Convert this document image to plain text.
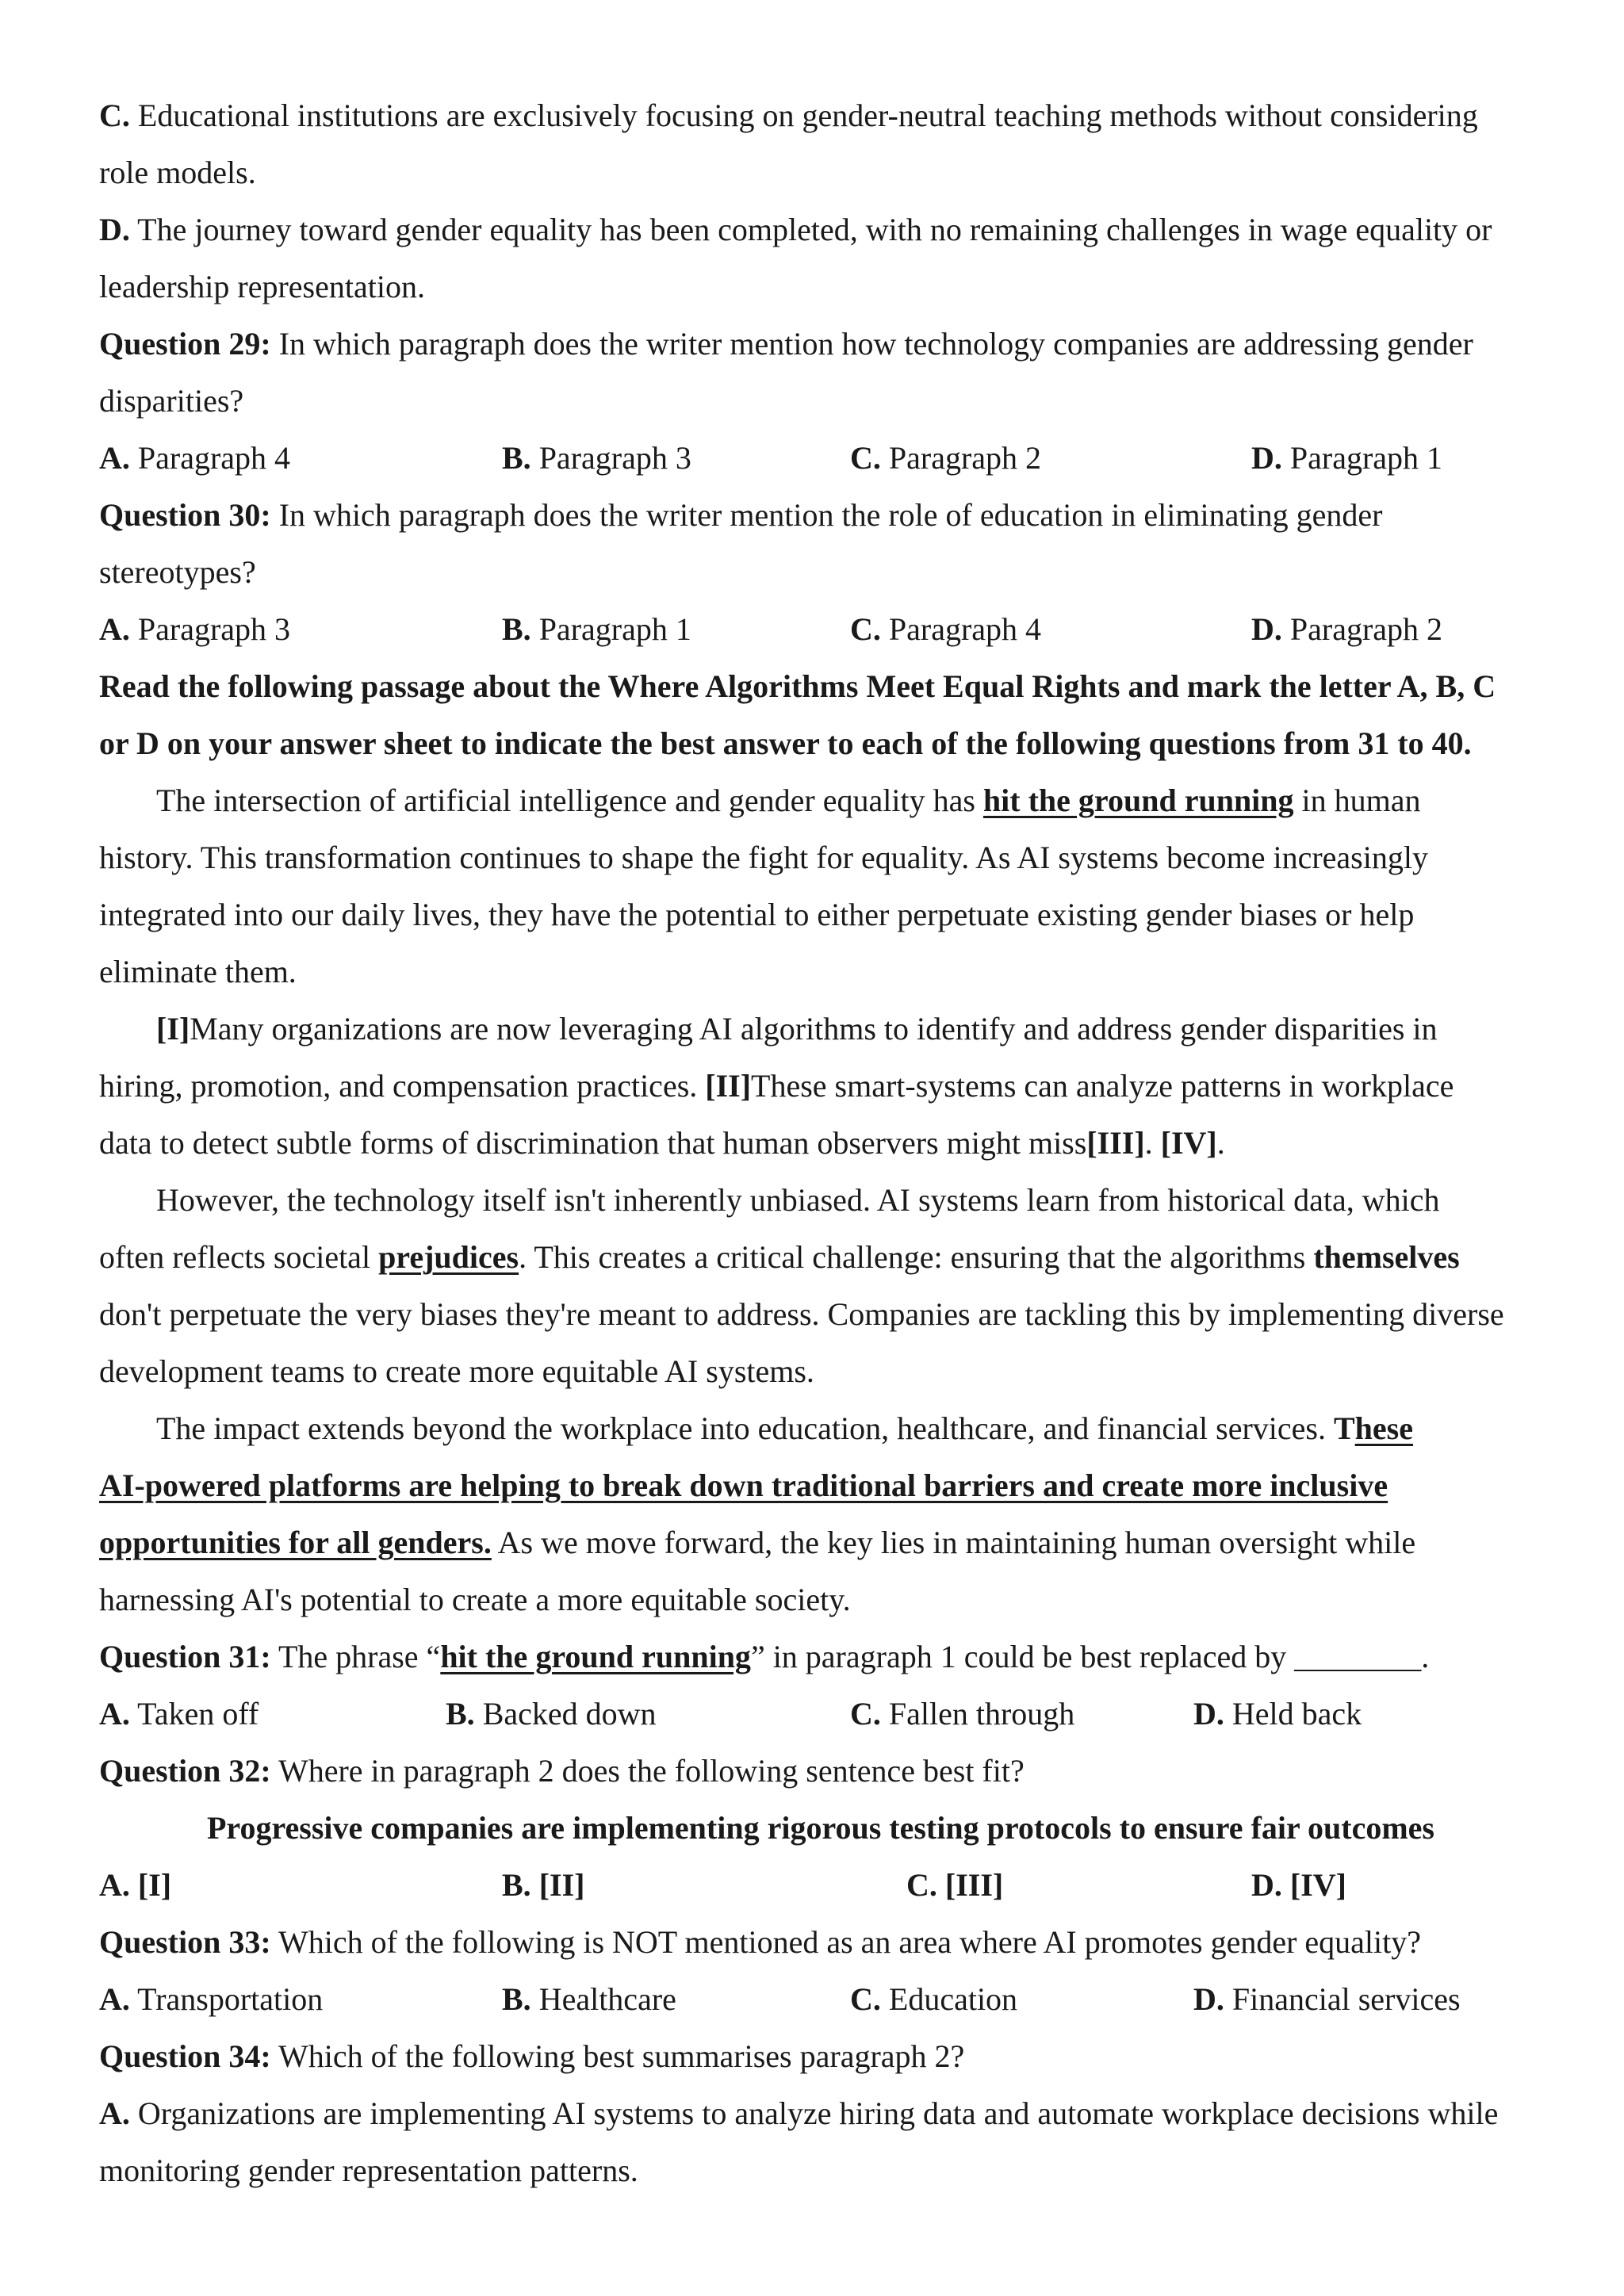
C. Educational institutions are exclusively focusing on gender-neutral teaching methods without considering
role models.
D. The journey toward gender equality has been completed, with no remaining challenges in wage equality or
leadership representation.
Question 29: In which paragraph does the writer mention how technology companies are addressing gender
disparities?
A. Paragraph 4	B. Paragraph 3	C. Paragraph 2	D. Paragraph 1
Question 30: In which paragraph does the writer mention the role of education in eliminating gender
stereotypes?
A. Paragraph 3	B. Paragraph 1	C. Paragraph 4	D. Paragraph 2
Read the following passage about the Where Algorithms Meet Equal Rights and mark the letter A, B, C
or D on your answer sheet to indicate the best answer to each of the following questions from 31 to 40.
The intersection of artificial intelligence and gender equality has hit the ground running in human
history. This transformation continues to shape the fight for equality. As AI systems become increasingly
integrated into our daily lives, they have the potential to either perpetuate existing gender biases or help
eliminate them.
[I]Many organizations are now leveraging AI algorithms to identify and address gender disparities in
hiring, promotion, and compensation practices. [II]These smart-systems can analyze patterns in workplace
data to detect subtle forms of discrimination that human observers might miss[III]. [IV].
However, the technology itself isn't inherently unbiased. AI systems learn from historical data, which
often reflects societal prejudices. This creates a critical challenge: ensuring that the algorithms themselves
don't perpetuate the very biases they're meant to address. Companies are tackling this by implementing diverse
development teams to create more equitable AI systems.
The impact extends beyond the workplace into education, healthcare, and financial services. These
AI-powered platforms are helping to break down traditional barriers and create more inclusive
opportunities for all genders. As we move forward, the key lies in maintaining human oversight while
harnessing AI's potential to create a more equitable society.
Question 31: The phrase “hit the ground running” in paragraph 1 could be best replaced by ________.
A. Taken off	B. Backed down	C. Fallen through	D. Held back
Question 32: Where in paragraph 2 does the following sentence best fit?
Progressive companies are implementing rigorous testing protocols to ensure fair outcomes
A. [I]	B. [II]	C. [III]	D. [IV]
Question 33: Which of the following is NOT mentioned as an area where AI promotes gender equality?
A. Transportation	B. Healthcare	C. Education	D. Financial services
Question 34: Which of the following best summarises paragraph 2?
A. Organizations are implementing AI systems to analyze hiring data and automate workplace decisions while
monitoring gender representation patterns.
